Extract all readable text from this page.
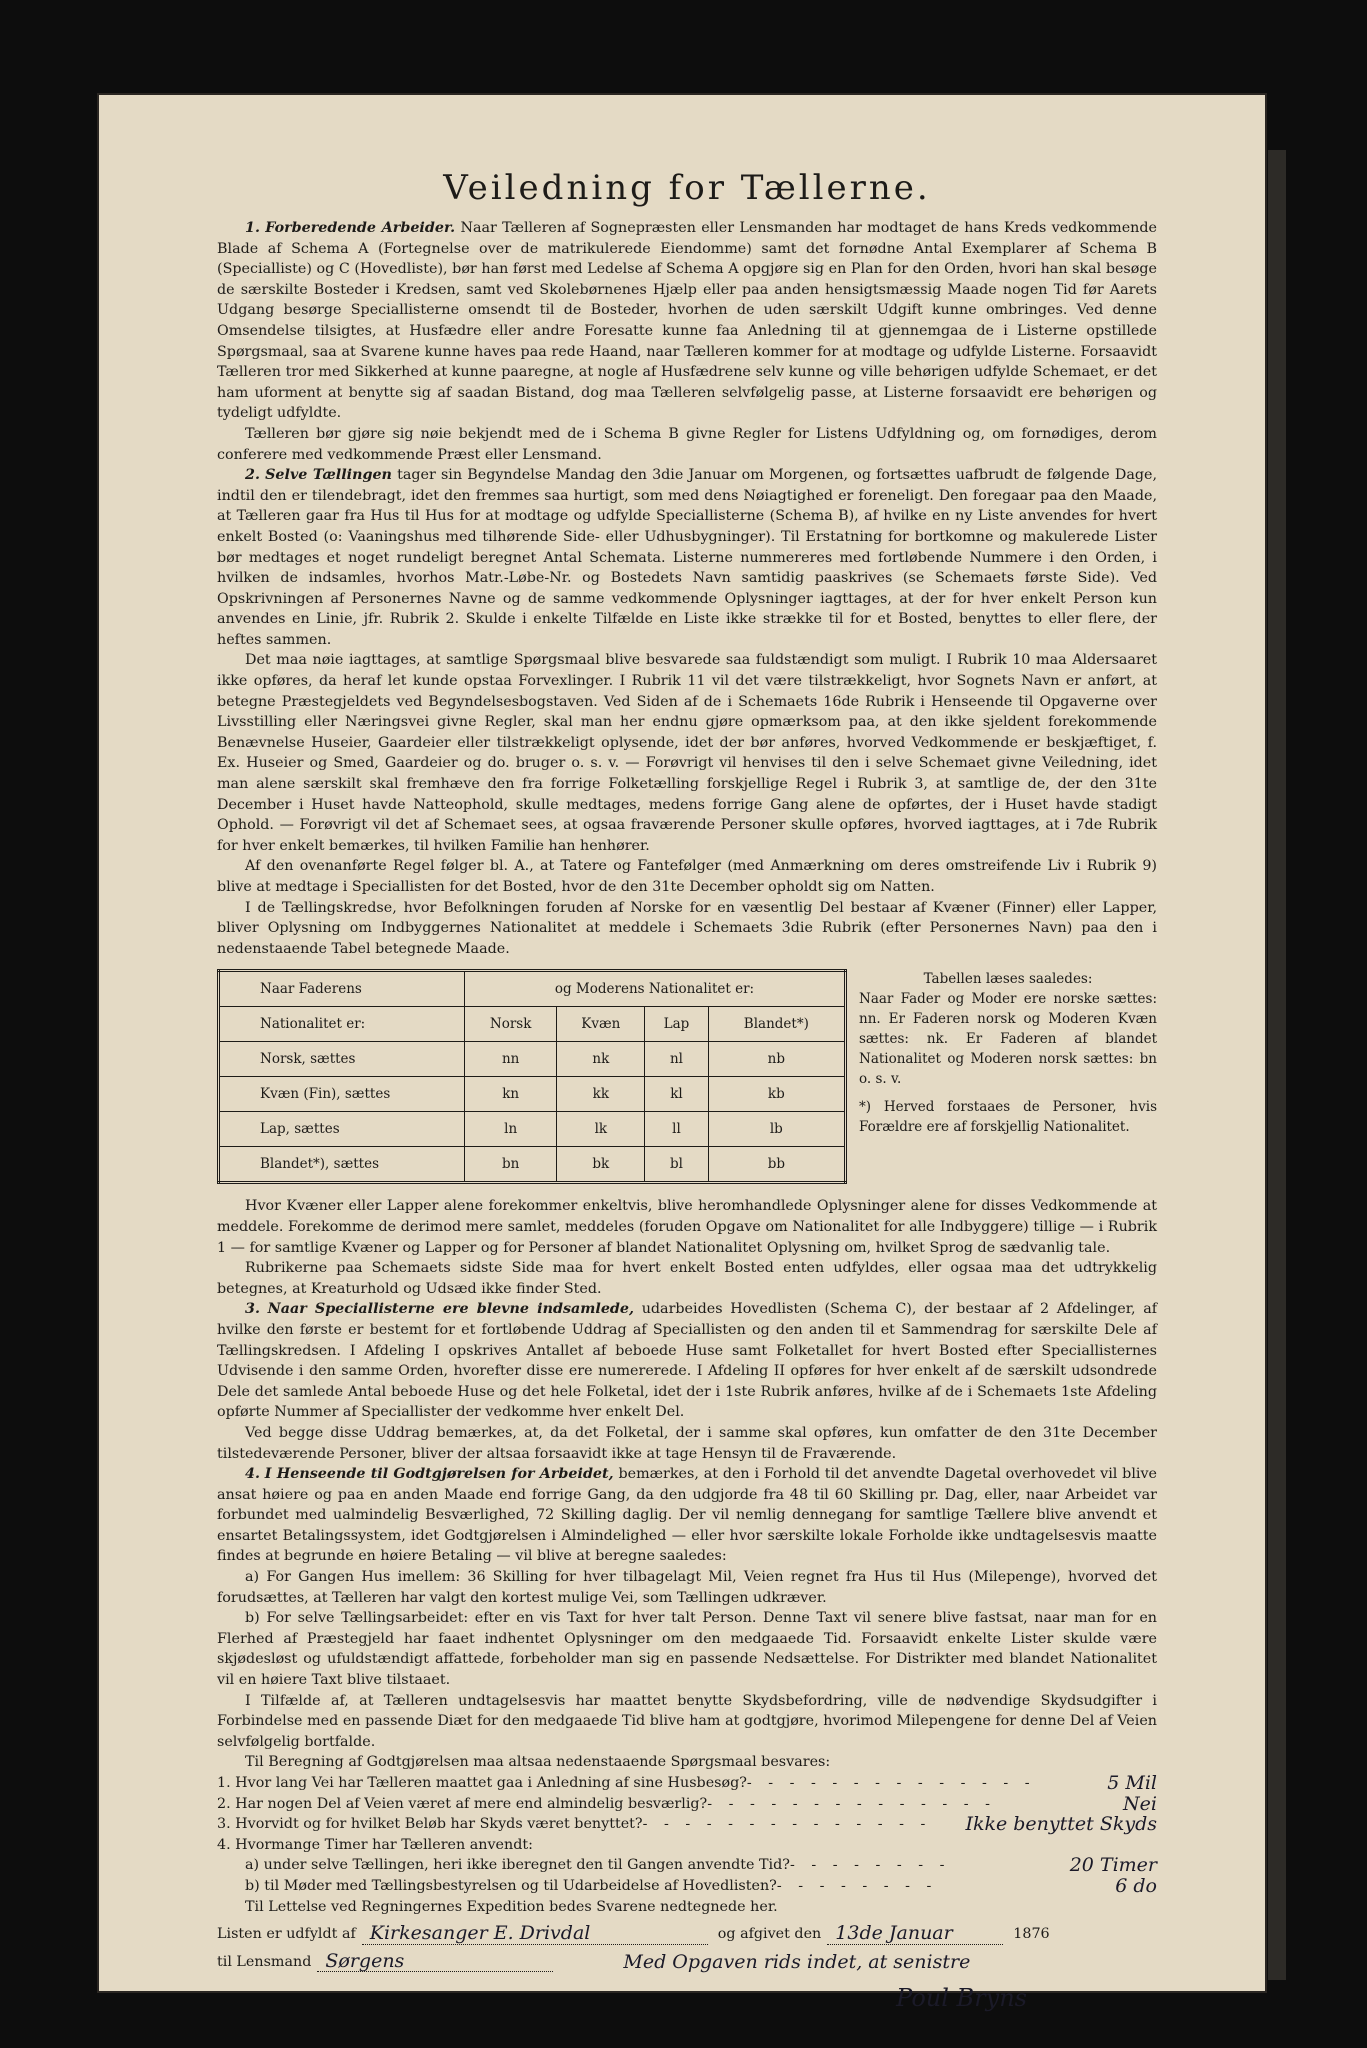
Veiledning for Tællerne.

1. Forberedende Arbeider. Naar Tælleren af Sognepræsten eller Lensmanden har modtaget de hans Kreds vedkommende Blade af Schema A (Fortegnelse over de matrikulerede Eiendomme) samt det fornødne Antal Exemplarer af Schema B (Specialliste) og C (Hovedliste), bør han først med Ledelse af Schema A opgjøre sig en Plan for den Orden, hvori han skal besøge de særskilte Bosteder i Kredsen, samt ved Skolebørnenes Hjælp eller paa anden hensigtsmæssig Maade nogen Tid før Aarets Udgang besørge Speciallisterne omsendt til de Bosteder, hvorhen de uden særskilt Udgift kunne ombringes. Ved denne Omsendelse tilsigtes, at Husfædre eller andre Foresatte kunne faa Anledning til at gjennemgaa de i Listerne opstillede Spørgsmaal, saa at Svarene kunne haves paa rede Haand, naar Tælleren kommer for at modtage og udfylde Listerne. Forsaavidt Tælleren tror med Sikkerhed at kunne paaregne, at nogle af Husfædrene selv kunne og ville behørigen udfylde Schemaet, er det ham uforment at benytte sig af saadan Bistand, dog maa Tælleren selvfølgelig passe, at Listerne forsaavidt ere behørigen og tydeligt udfyldte.

Tælleren bør gjøre sig nøie bekjendt med de i Schema B givne Regler for Listens Udfyldning og, om fornødiges, derom conferere med vedkommende Præst eller Lensmand.

2. Selve Tællingen tager sin Begyndelse Mandag den 3die Januar om Morgenen, og fortsættes uafbrudt de følgende Dage, indtil den er tilendebragt, idet den fremmes saa hurtigt, som med dens Nøiagtighed er foreneligt. Den foregaar paa den Maade, at Tælleren gaar fra Hus til Hus for at modtage og udfylde Speciallisterne (Schema B), af hvilke en ny Liste anvendes for hvert enkelt Bosted (o: Vaaningshus med tilhørende Side- eller Udhusbygninger). Til Erstatning for bortkomne og makulerede Lister bør medtages et noget rundeligt beregnet Antal Schemata. Listerne nummereres med fortløbende Nummere i den Orden, i hvilken de indsamles, hvorhos Matr.-Løbe-Nr. og Bostedets Navn samtidig paaskrives (se Schemaets første Side). Ved Opskrivningen af Personernes Navne og de samme vedkommende Oplysninger iagttages, at der for hver enkelt Person kun anvendes en Linie, jfr. Rubrik 2. Skulde i enkelte Tilfælde en Liste ikke strække til for et Bosted, benyttes to eller flere, der heftes sammen.

Det maa nøie iagttages, at samtlige Spørgsmaal blive besvarede saa fuldstændigt som muligt. I Rubrik 10 maa Aldersaaret ikke opføres, da heraf let kunde opstaa Forvexlinger. I Rubrik 11 vil det være tilstrækkeligt, hvor Sognets Navn er anført, at betegne Præstegjeldets ved Begyndelsesbogstaven. Ved Siden af de i Schemaets 16de Rubrik i Henseende til Opgaverne over Livsstilling eller Næringsvei givne Regler, skal man her endnu gjøre opmærksom paa, at den ikke sjeldent forekommende Benævnelse Huseier, Gaardeier eller tilstrækkeligt oplysende, idet der bør anføres, hvorved Vedkommende er beskjæftiget, f. Ex. Huseier og Smed, Gaardeier og do. bruger o. s. v. — Forøvrigt vil henvises til den i selve Schemaet givne Veiledning, idet man alene særskilt skal fremhæve den fra forrige Folketælling forskjellige Regel i Rubrik 3, at samtlige de, der den 31te December i Huset havde Natteophold, skulle medtages, medens forrige Gang alene de opførtes, der i Huset havde stadigt Ophold. — Forøvrigt vil det af Schemaet sees, at ogsaa fraværende Personer skulle opføres, hvorved iagttages, at i 7de Rubrik for hver enkelt bemærkes, til hvilken Familie han henhører.

Af den ovenanførte Regel følger bl. A., at Tatere og Fantefølger (med Anmærkning om deres omstreifende Liv i Rubrik 9) blive at medtage i Speciallisten for det Bosted, hvor de den 31te December opholdt sig om Natten.

I de Tællingskredse, hvor Befolkningen foruden af Norske for en væsentlig Del bestaar af Kvæner (Finner) eller Lapper, bliver Oplysning om Indbyggernes Nationalitet at meddele i Schemaets 3die Rubrik (efter Personernes Navn) paa den i nedenstaaende Tabel betegnede Maade.

Naar Faderens	og Moderens Nationalitet er:			
Nationalitet er:	Norsk	Kvæn	Lap	Blandet*)
Norsk, sættes	nn	nk	nl	nb
Kvæn (Fin), sættes	kn	kk	kl	kb
Lap, sættes	ln	lk	ll	lb
Blandet*), sættes	bn	bk	bl	bb
Tabellen læses saaledes:
Naar Fader og Moder ere norske sættes: nn. Er Faderen norsk og Moderen Kvæn sættes: nk. Er Faderen af blandet Nationalitet og Moderen norsk sættes: bn o. s. v.
*) Herved forstaaes de Personer, hvis Forældre ere af forskjellig Nationalitet.

Hvor Kvæner eller Lapper alene forekommer enkeltvis, blive heromhandlede Oplysninger alene for disses Vedkommende at meddele. Forekomme de derimod mere samlet, meddeles (foruden Opgave om Nationalitet for alle Indbyggere) tillige — i Rubrik 1 — for samtlige Kvæner og Lapper og for Personer af blandet Nationalitet Oplysning om, hvilket Sprog de sædvanlig tale.

Rubrikerne paa Schemaets sidste Side maa for hvert enkelt Bosted enten udfyldes, eller ogsaa maa det udtrykkelig betegnes, at Kreaturhold og Udsæd ikke finder Sted.

3. Naar Speciallisterne ere blevne indsamlede, udarbeides Hovedlisten (Schema C), der bestaar af 2 Afdelinger, af hvilke den første er bestemt for et fortløbende Uddrag af Speciallisten og den anden til et Sammendrag for særskilte Dele af Tællingskredsen. I Afdeling I opskrives Antallet af beboede Huse samt Folketallet for hvert Bosted efter Speciallisternes Udvisende i den samme Orden, hvorefter disse ere numererede. I Afdeling II opføres for hver enkelt af de særskilt udsondrede Dele det samlede Antal beboede Huse og det hele Folketal, idet der i 1ste Rubrik anføres, hvilke af de i Schemaets 1ste Afdeling opførte Nummer af Speciallister der vedkomme hver enkelt Del.

Ved begge disse Uddrag bemærkes, at, da det Folketal, der i samme skal opføres, kun omfatter de den 31te December tilstedeværende Personer, bliver der altsaa forsaavidt ikke at tage Hensyn til de Fraværende.

4. I Henseende til Godtgjørelsen for Arbeidet, bemærkes, at den i Forhold til det anvendte Dagetal overhovedet vil blive ansat høiere og paa en anden Maade end forrige Gang, da den udgjorde fra 48 til 60 Skilling pr. Dag, eller, naar Arbeidet var forbundet med ualmindelig Besværlighed, 72 Skilling daglig. Der vil nemlig dennegang for samtlige Tællere blive anvendt et ensartet Betalingssystem, idet Godtgjørelsen i Almindelighed — eller hvor særskilte lokale Forholde ikke undtagelsesvis maatte findes at begrunde en høiere Betaling — vil blive at beregne saaledes:

a) For Gangen Hus imellem: 36 Skilling for hver tilbagelagt Mil, Veien regnet fra Hus til Hus (Milepenge), hvorved det forudsættes, at Tælleren har valgt den kortest mulige Vei, som Tællingen udkræver.

b) For selve Tællingsarbeidet: efter en vis Taxt for hver talt Person. Denne Taxt vil senere blive fastsat, naar man for en Flerhed af Præstegjeld har faaet indhentet Oplysninger om den medgaaede Tid. Forsaavidt enkelte Lister skulde være skjødesløst og ufuldstændigt affattede, forbeholder man sig en passende Nedsættelse. For Distrikter med blandet Nationalitet vil en høiere Taxt blive tilstaaet.

I Tilfælde af, at Tælleren undtagelsesvis har maattet benytte Skydsbefordring, ville de nødvendige Skydsudgifter i Forbindelse med en passende Diæt for den medgaaede Tid blive ham at godtgjøre, hvorimod Milepengene for denne Del af Veien selvfølgelig bortfalde.

Til Beregning af Godtgjørelsen maa altsaa nedenstaaende Spørgsmaal besvares:

1. Hvor lang Vei har Tælleren maattet gaa i Anledning af sine Husbesøg? - - - - - - - - - - - - - -	5 Mil
2. Har nogen Del af Veien været af mere end almindelig besværlig? - - - - - - - - - - - - - -	Nei
3. Hvorvidt og for hvilket Beløb har Skyds været benyttet? - - - - - - - - - - - - - -	Ikke benyttet Skyds
4. Hvormange Timer har Tælleren anvendt:
a) under selve Tællingen, heri ikke iberegnet den til Gangen anvendte Tid? - - - - - - - -	20 Timer
b) til Møder med Tællingsbestyrelsen og til Udarbeidelse af Hovedlisten? - - - - - - - -	6 do

Til Lettelse ved Regningernes Expedition bedes Svarene nedtegnede her.

Listen er udfyldt af Kirkesanger E. Drivdal	og afgivet den 13de Januar	1876
til Lensmand Sørgens	Med Opgaven rids indet, at senistre
Poul Bryns
